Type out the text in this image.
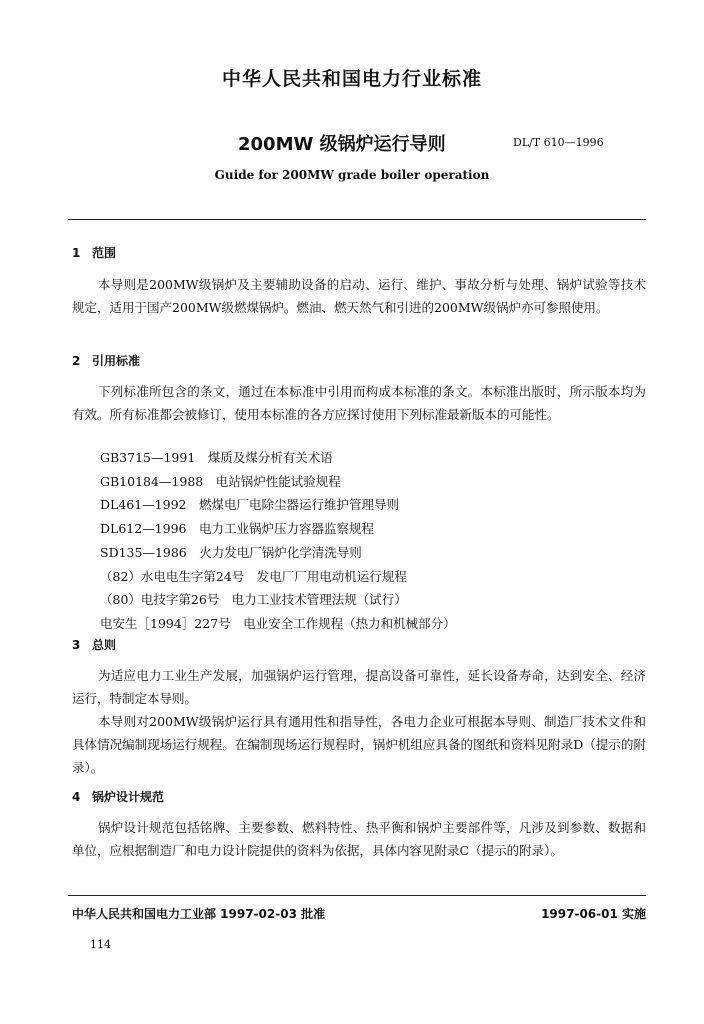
中华人民共和国电力行业标准
200MW 级锅炉运行导则	DL/T 610—1996
Guide for 200MW grade boiler operation
1 范围
本导则是200MW级锅炉及主要辅助设备的启动、运行、维护、事故分析与处理、锅炉试验等技术规定，适用于国产200MW级燃煤锅炉。燃油、燃天然气和引进的200MW级锅炉亦可参照使用。
2 引用标准
下列标准所包含的条文，通过在本标准中引用而构成本标准的条文。本标准出版时，所示版本均为有效。所有标准都会被修订，使用本标准的各方应探讨使用下列标准最新版本的可能性。
GB3715—1991　煤质及煤分析有关术语
GB10184—1988　电站锅炉性能试验规程
DL461—1992　燃煤电厂电除尘器运行维护管理导则
DL612—1996　电力工业锅炉压力容器监察规程
SD135—1986　火力发电厂锅炉化学清洗导则
（82）水电电生字第24号　发电厂厂用电动机运行规程
（80）电技字第26号　电力工业技术管理法规（试行）
电安生［1994］227号　电业安全工作规程（热力和机械部分）
3 总则
为适应电力工业生产发展，加强锅炉运行管理，提高设备可靠性，延长设备寿命，达到安全、经济运行，特制定本导则。
本导则对200MW级锅炉运行具有通用性和指导性，各电力企业可根据本导则、制造厂技术文件和具体情况编制现场运行规程。在编制现场运行规程时，锅炉机组应具备的图纸和资料见附录D（提示的附录）。
4 锅炉设计规范
锅炉设计规范包括铭牌、主要参数、燃料特性、热平衡和锅炉主要部件等，凡涉及到参数、数据和单位，应根据制造厂和电力设计院提供的资料为依据，具体内容见附录C（提示的附录）。
中华人民共和国电力工业部 1997-02-03 批准	1997-06-01 实施
114
